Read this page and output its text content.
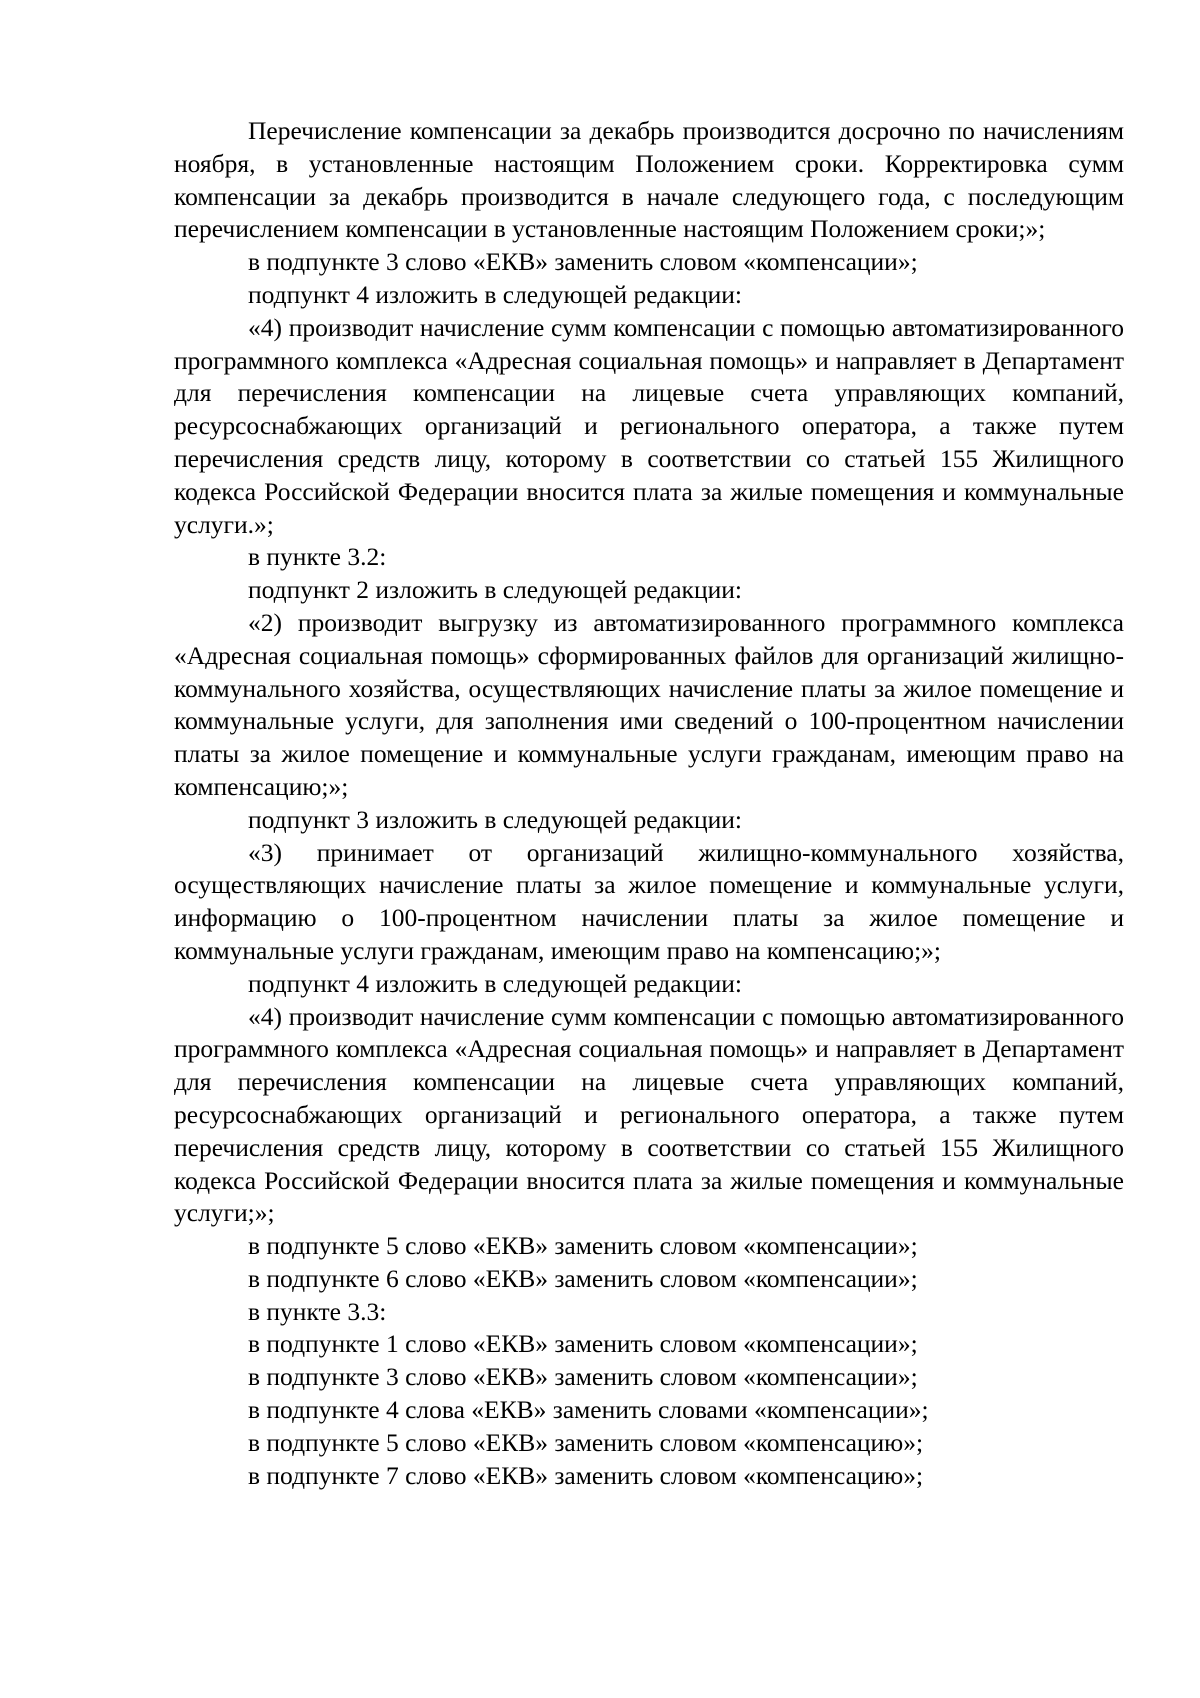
Перечисление компенсации за декабрь производится досрочно по начислениям ноября, в установленные настоящим Положением сроки. Корректировка сумм компенсации за декабрь производится в начале следующего года, с последующим перечислением компенсации в установленные настоящим Положением сроки;»;

в подпункте 3 слово «ЕКВ» заменить словом «компенсации»;

подпункт 4 изложить в следующей редакции:

«4) производит начисление сумм компенсации с помощью автоматизированного программного комплекса «Адресная социальная помощь» и направляет в Департамент для перечисления компенсации на лицевые счета управляющих компаний, ресурсоснабжающих организаций и регионального оператора, а также путем перечисления средств лицу, которому в соответствии со статьей 155 Жилищного кодекса Российской Федерации вносится плата за жилые помещения и коммунальные услуги.»;

в пункте 3.2:

подпункт 2 изложить в следующей редакции:

«2) производит выгрузку из автоматизированного программного комплекса «Адресная социальная помощь» сформированных файлов для организаций жилищно-коммунального хозяйства, осуществляющих начисление платы за жилое помещение и коммунальные услуги, для заполнения ими сведений о 100-процентном начислении платы за жилое помещение и коммунальные услуги гражданам, имеющим право на компенсацию;»;

подпункт 3 изложить в следующей редакции:

«3) принимает от организаций жилищно-коммунального хозяйства, осуществляющих начисление платы за жилое помещение и коммунальные услуги, информацию о 100-процентном начислении платы за жилое помещение и коммунальные услуги гражданам, имеющим право на компенсацию;»;

подпункт 4 изложить в следующей редакции:

«4) производит начисление сумм компенсации с помощью автоматизированного программного комплекса «Адресная социальная помощь» и направляет в Департамент для перечисления компенсации на лицевые счета управляющих компаний, ресурсоснабжающих организаций и регионального оператора, а также путем перечисления средств лицу, которому в соответствии со статьей 155 Жилищного кодекса Российской Федерации вносится плата за жилые помещения и коммунальные услуги;»;

в подпункте 5 слово «ЕКВ» заменить словом «компенсации»;

в подпункте 6 слово «ЕКВ» заменить словом «компенсации»;

в пункте 3.3:

в подпункте 1 слово «ЕКВ» заменить словом «компенсации»;

в подпункте 3 слово «ЕКВ» заменить словом «компенсации»;

в подпункте 4 слова «ЕКВ» заменить словами «компенсации»;

в подпункте 5 слово «ЕКВ» заменить словом «компенсацию»;

в подпункте 7 слово «ЕКВ» заменить словом «компенсацию»;
